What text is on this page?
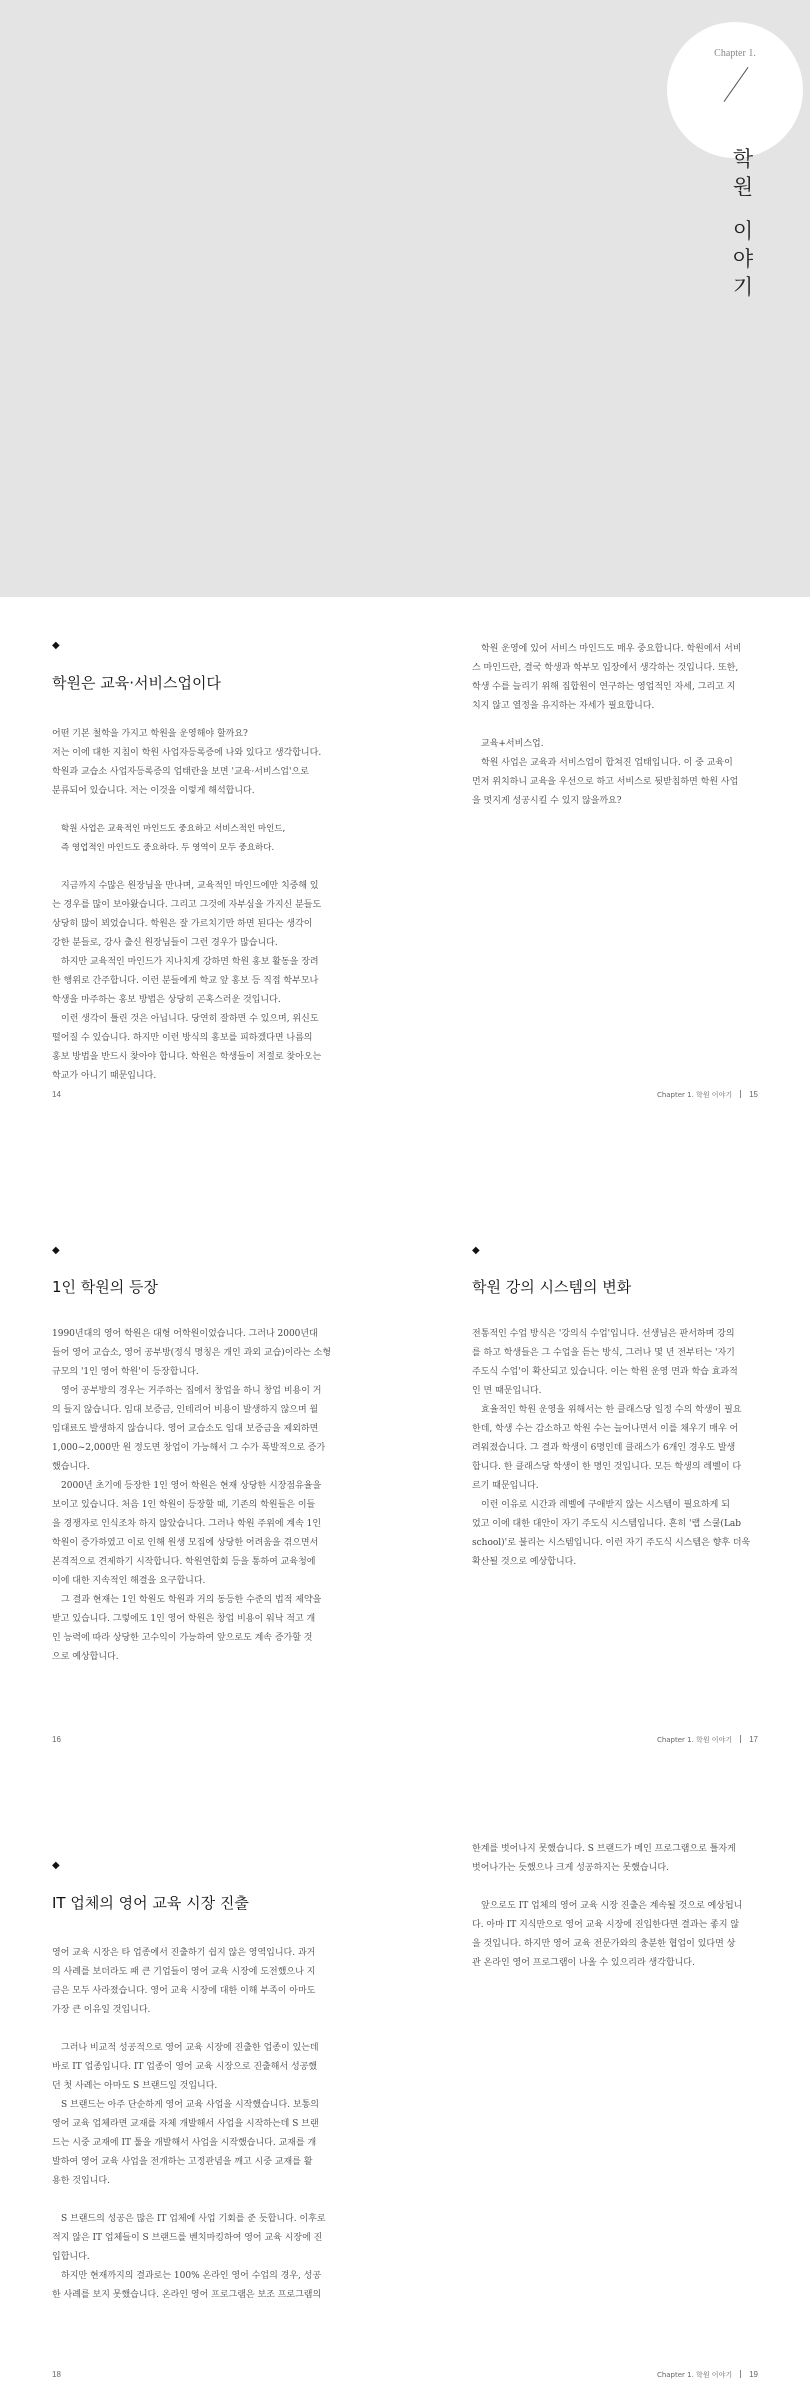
Chapter 1.
학
원
이
야
기
◆
학원은 교육·서비스업이다

어떤 기본 철학을 가지고 학원을 운영해야 할까요?

저는 이에 대한 지침이 학원 사업자등록증에 나와 있다고 생각합니다.

학원과 교습소 사업자등록증의 업태란을 보면 '교육·서비스업'으로

분류되어 있습니다. 저는 이것을 이렇게 해석합니다.

학원 사업은 교육적인 마인드도 중요하고 서비스적인 마인드,

즉 영업적인 마인드도 중요하다. 두 영역이 모두 중요하다.

지금까지 수많은 원장님을 만나며, 교육적인 마인드에만 치중해 있

는 경우를 많이 보아왔습니다. 그리고 그것에 자부심을 가지신 분들도

상당히 많이 뵈었습니다. 학원은 잘 가르치기만 하면 된다는 생각이

강한 분들로, 강사 출신 원장님들이 그런 경우가 많습니다.

하지만 교육적인 마인드가 지나치게 강하면 학원 홍보 활동을 장려

한 행위로 간주합니다. 이런 분들에게 학교 앞 홍보 등 직접 학부모나

학생을 마주하는 홍보 방법은 상당히 곤혹스러운 것입니다.

이런 생각이 틀린 것은 아닙니다. 당연히 잘하면 수 있으며, 위신도

떨어질 수 있습니다. 하지만 이런 방식의 홍보를 피하겠다면 나름의

홍보 방법을 반드시 찾아야 합니다. 학원은 학생들이 저절로 찾아오는

학교가 아니기 때문입니다.

14

학원 운영에 있어 서비스 마인드도 매우 중요합니다. 학원에서 서비

스 마인드란, 결국 학생과 학부모 입장에서 생각하는 것입니다. 또한,

학생 수를 늘리기 위해 집합원이 연구하는 영업적인 자세, 그리고 지

치지 않고 열정을 유지하는 자세가 필요합니다.

교육+서비스업.

학원 사업은 교육과 서비스업이 합쳐진 업태입니다. 이 중 교육이

먼저 위치하니 교육을 우선으로 하고 서비스로 뒷받침하면 학원 사업

을 멋지게 성공시킬 수 있지 않을까요?

Chapter 1. 학원 이야기 15
◆
1인 학원의 등장

1990년대의 영어 학원은 대형 어학원이었습니다. 그러나 2000년대

들어 영어 교습소, 영어 공부방(정식 명칭은 개인 과외 교습)이라는 소형

규모의 '1인 영어 학원'이 등장합니다.

영어 공부방의 경우는 거주하는 집에서 창업을 하니 창업 비용이 거

의 들지 않습니다. 임대 보증금, 인테리어 비용이 발생하지 않으며 월

임대료도 발생하지 않습니다. 영어 교습소도 임대 보증금을 제외하면

1,000~2,000만 원 정도면 창업이 가능해서 그 수가 폭발적으로 증가

했습니다.

2000년 초기에 등장한 1인 영어 학원은 현재 상당한 시장점유율을

보이고 있습니다. 처음 1인 학원이 등장할 때, 기존의 학원들은 이들

을 경쟁자로 인식조차 하지 않았습니다. 그러나 학원 주위에 계속 1인

학원이 증가하였고 이로 인해 원생 모집에 상당한 어려움을 겪으면서

본격적으로 견제하기 시작합니다. 학원연합회 등을 통하여 교육청에

이에 대한 지속적인 해결을 요구합니다.

그 결과 현재는 1인 학원도 학원과 거의 동등한 수준의 법적 제약을

받고 있습니다. 그렇에도 1인 영어 학원은 창업 비용이 워낙 적고 개

인 능력에 따라 상당한 고수익이 가능하여 앞으로도 계속 증가할 것

으로 예상합니다.

16
◆
학원 강의 시스템의 변화

전통적인 수업 방식은 '강의식 수업'입니다. 선생님은 판서하며 강의

를 하고 학생들은 그 수업을 듣는 방식, 그러나 몇 년 전부터는 '자기

주도식 수업'이 확산되고 있습니다. 이는 학원 운영 면과 학습 효과적

인 면 때문입니다.

효율적인 학원 운영을 위해서는 한 클래스당 일정 수의 학생이 필요

한데, 학생 수는 감소하고 학원 수는 늘어나면서 이를 채우기 매우 어

려워졌습니다. 그 결과 학생이 6명인데 클래스가 6개인 경우도 발생

합니다. 한 클래스당 학생이 한 명인 것입니다. 모든 학생의 레벨이 다

르기 때문입니다.

이런 이유로 시간과 레벨에 구애받지 않는 시스템이 필요하게 되

었고 이에 대한 대안이 자기 주도식 시스템입니다. 흔히 '랩 스쿨(Lab

school)'로 불리는 시스템입니다. 이런 자기 주도식 시스템은 향후 더욱

확산될 것으로 예상합니다.

Chapter 1. 학원 이야기 17
◆
IT 업체의 영어 교육 시장 진출

영어 교육 시장은 타 업종에서 진출하기 쉽지 않은 영역입니다. 과거

의 사례를 보더라도 패 큰 기업들이 영어 교육 시장에 도전했으나 지

금은 모두 사라졌습니다. 영어 교육 시장에 대한 이해 부족이 아마도

가장 큰 이유일 것입니다.

그러나 비교적 성공적으로 영어 교육 시장에 진출한 업종이 있는데

바로 IT 업종입니다. IT 업종이 영어 교육 시장으로 진출해서 성공했

던 첫 사례는 아마도 S 브랜드일 것입니다.

S 브랜드는 아주 단순하게 영어 교육 사업을 시작했습니다. 보통의

영어 교육 업체라면 교재를 자체 개발해서 사업을 시작하는데 S 브랜

드는 시중 교재에 IT 툴을 개발해서 사업을 시작했습니다. 교재를 개

발하여 영어 교육 사업을 전개하는 고정관념을 깨고 시중 교재를 활

용한 것입니다.

S 브랜드의 성공은 많은 IT 업체에 사업 기회를 준 듯합니다. 이후로

적지 않은 IT 업체들이 S 브랜드를 벤치마킹하여 영어 교육 시장에 진

입합니다.

하지만 현재까지의 결과로는 100% 온라인 영어 수업의 경우, 성공

한 사례를 보지 못했습니다. 온라인 영어 프로그램은 보조 프로그램의

18

한계를 벗어나지 못했습니다. S 브랜드가 메인 프로그램으로 틀자게

벗어나가는 듯했으나 크게 성공하지는 못했습니다.

앞으로도 IT 업체의 영어 교육 시장 진출은 계속될 것으로 예상됩니

다. 아마 IT 지식만으로 영어 교육 시장에 진입한다면 결과는 좋지 않

을 것입니다. 하지만 영어 교육 전문가와의 충분한 협업이 있다면 상

관 온라인 영어 프로그램이 나올 수 있으리라 생각합니다.

Chapter 1. 학원 이야기 19
